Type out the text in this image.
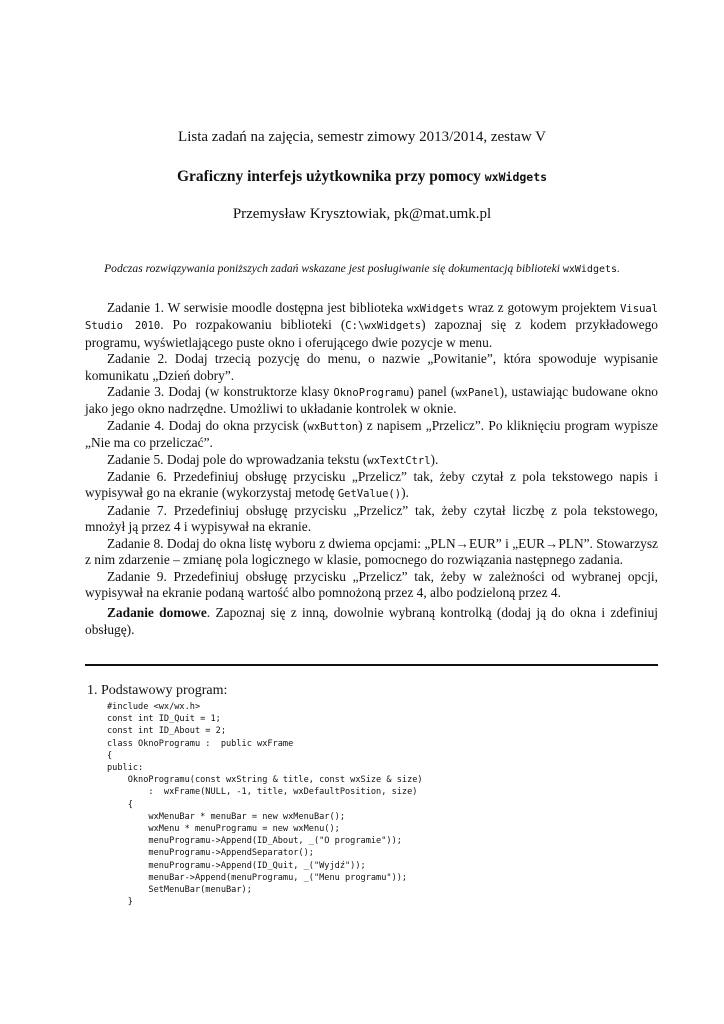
Lista zadań na zajęcia, semestr zimowy 2013/2014, zestaw V
Graficzny interfejs użytkownika przy pomocy wxWidgets
Przemysław Krysztowiak, pk@mat.umk.pl
Podczas rozwiązywania poniższych zadań wskazane jest posługiwanie się dokumentacją biblioteki wxWidgets.

Zadanie 1. W serwisie moodle dostępna jest biblioteka wxWidgets wraz z gotowym projektem Visual Studio 2010. Po rozpakowaniu biblioteki (C:\wxWidgets) zapoznaj się z kodem przykładowego programu, wyświetlającego puste okno i oferującego dwie pozycje w menu.

Zadanie 2. Dodaj trzecią pozycję do menu, o nazwie „Powitanie”, która spowoduje wypisanie komunikatu „Dzień dobry”.

Zadanie 3. Dodaj (w konstruktorze klasy OknoProgramu) panel (wxPanel), ustawiając budowane okno jako jego okno nadrzędne. Umożliwi to układanie kontrolek w oknie.

Zadanie 4. Dodaj do okna przycisk (wxButton) z napisem „Przelicz”. Po kliknięciu program wypisze „Nie ma co przeliczać”.

Zadanie 5. Dodaj pole do wprowadzania tekstu (wxTextCtrl).

Zadanie 6. Przedefiniuj obsługę przycisku „Przelicz” tak, żeby czytał z pola tekstowego napis i wypisywał go na ekranie (wykorzystaj metodę GetValue()).

Zadanie 7. Przedefiniuj obsługę przycisku „Przelicz” tak, żeby czytał liczbę z pola tekstowego, mnożył ją przez 4 i wypisywał na ekranie.

Zadanie 8. Dodaj do okna listę wyboru z dwiema opcjami: „PLN→EUR” i „EUR→PLN”. Stowarzysz z nim zdarzenie – zmianę pola logicznego w klasie, pomocnego do rozwiązania następnego zadania.

Zadanie 9. Przedefiniuj obsługę przycisku „Przelicz” tak, żeby w zależności od wybranej opcji, wypisywał na ekranie podaną wartość albo pomnożoną przez 4, albo podzieloną przez 4.

Zadanie domowe. Zapoznaj się z inną, dowolnie wybraną kontrolką (dodaj ją do okna i zdefiniuj obsługę).

1. Podstawowy program:
#include <wx/wx.h>
const int ID_Quit = 1;
const int ID_About = 2;
class OknoProgramu :  public wxFrame
{
public:
OknoProgramu(const wxString & title, const wxSize & size)
:  wxFrame(NULL, -1, title, wxDefaultPosition, size)
{
wxMenuBar * menuBar = new wxMenuBar();
wxMenu * menuProgramu = new wxMenu();
menuProgramu->Append(ID_About, _("O programie"));
menuProgramu->AppendSeparator();
menuProgramu->Append(ID_Quit, _("Wyjdź"));
menuBar->Append(menuProgramu, _("Menu programu"));
SetMenuBar(menuBar);
}
